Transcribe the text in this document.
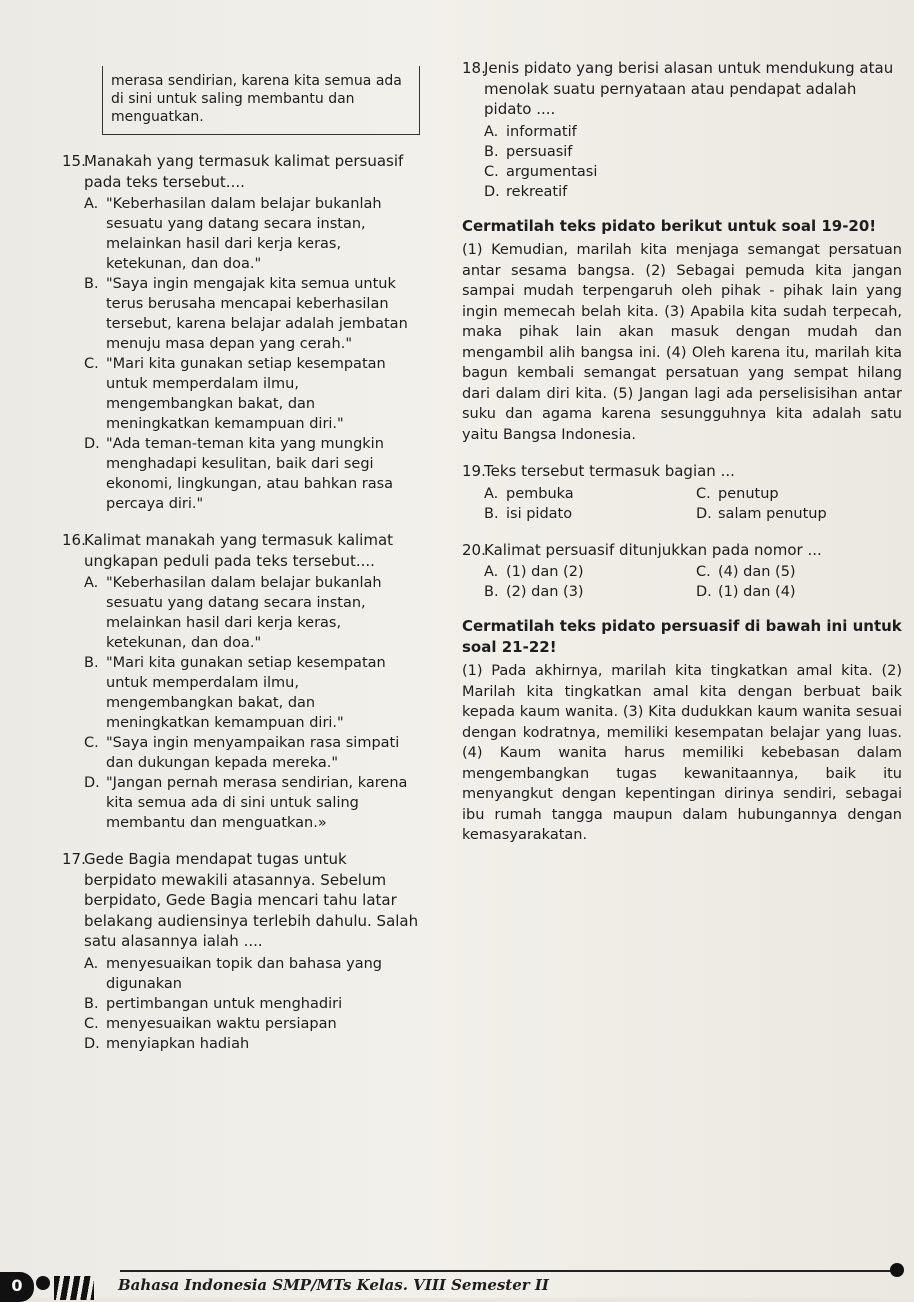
merasa sendirian, karena kita semua ada di sini untuk saling membantu dan menguatkan.
15.
Manakah yang termasuk kalimat persuasif pada teks tersebut....
A. "Keberhasilan dalam belajar bukanlah sesuatu yang datang secara instan, melainkan hasil dari kerja keras, ketekunan, dan doa."
B. "Saya ingin mengajak kita semua untuk terus berusaha mencapai keberhasilan tersebut, karena belajar adalah jembatan menuju masa depan yang cerah."
C. "Mari kita gunakan setiap kesempatan untuk memperdalam ilmu, mengembangkan bakat, dan meningkatkan kemampuan diri."
D. "Ada teman-teman kita yang mungkin menghadapi kesulitan, baik dari segi ekonomi, lingkungan, atau bahkan rasa percaya diri."
16.
Kalimat manakah yang termasuk kalimat ungkapan peduli pada teks tersebut....
A. "Keberhasilan dalam belajar bukanlah sesuatu yang datang secara instan, melainkan hasil dari kerja keras, ketekunan, dan doa."
B. "Mari kita gunakan setiap kesempatan untuk memperdalam ilmu, mengembangkan bakat, dan meningkatkan kemampuan diri."
C. "Saya ingin menyampaikan rasa simpati dan dukungan kepada mereka."
D. "Jangan pernah merasa sendirian, karena kita semua ada di sini untuk saling membantu dan menguatkan.»
17.
Gede Bagia mendapat tugas untuk berpidato mewakili atasannya. Sebelum berpidato, Gede Bagia mencari tahu latar belakang audiensinya terlebih dahulu. Salah satu alasannya ialah ....
A. menyesuaikan topik dan bahasa yang digunakan
B. pertimbangan untuk menghadiri
C. menyesuaikan waktu persiapan
D. menyiapkan hadiah
18.
Jenis pidato yang berisi alasan untuk mendukung atau menolak suatu pernyataan atau pendapat adalah pidato ....
A. informatif
B. persuasif
C. argumentasi
D. rekreatif
Cermatilah teks pidato berikut untuk soal 19-20!
(1) Kemudian, marilah kita menjaga semangat persatuan antar sesama bangsa. (2) Sebagai pemuda kita jangan sampai mudah terpengaruh oleh pihak - pihak lain yang ingin memecah belah kita. (3) Apabila kita sudah terpecah, maka pihak lain akan masuk dengan mudah dan mengambil alih bangsa ini. (4) Oleh karena itu, marilah kita bagun kembali semangat persatuan yang sempat hilang dari dalam diri kita. (5) Jangan lagi ada perselisisihan antar suku dan agama karena sesungguhnya kita adalah satu yaitu Bangsa Indonesia.
19.
Teks tersebut termasuk bagian ...
A. pembuka	C. penutup
B. isi pidato	D. salam penutup
20.
Kalimat persuasif ditunjukkan pada nomor ...
A. (1) dan (2)	C. (4) dan (5)
B. (2) dan (3)	D. (1) dan (4)
Cermatilah teks pidato persuasif di bawah ini untuk soal 21-22!
(1) Pada akhirnya, marilah kita tingkatkan amal kita. (2) Marilah kita tingkatkan amal kita dengan berbuat baik kepada kaum wanita. (3) Kita dudukkan kaum wanita sesuai dengan kodratnya, memiliki kesempatan belajar yang luas. (4) Kaum wanita harus memiliki kebebasan dalam mengembangkan tugas kewanitaannya, baik itu menyangkut dengan kepentingan dirinya sendiri, sebagai ibu rumah tangga maupun dalam hubungannya dengan kemasyarakatan.
0	Bahasa Indonesia SMP/MTs Kelas. VIII Semester II
